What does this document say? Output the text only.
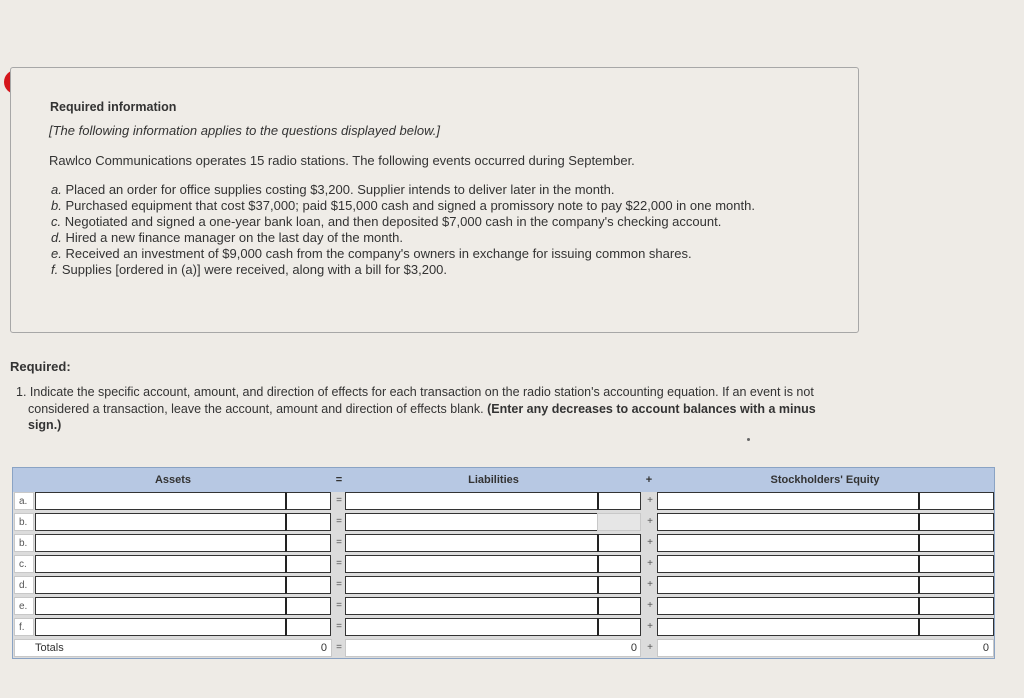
Required information
[The following information applies to the questions displayed below.]
Rawlco Communications operates 15 radio stations. The following events occurred during September.
a. Placed an order for office supplies costing $3,200. Supplier intends to deliver later in the month.
b. Purchased equipment that cost $37,000; paid $15,000 cash and signed a promissory note to pay $22,000 in one month.
c. Negotiated and signed a one-year bank loan, and then deposited $7,000 cash in the company's checking account.
d. Hired a new finance manager on the last day of the month.
e. Received an investment of $9,000 cash from the company's owners in exchange for issuing common shares.
f. Supplies [ordered in (a)] were received, along with a bill for $3,200.
Required:
1. Indicate the specific account, amount, and direction of effects for each transaction on the radio station's accounting equation. If an event is not considered a transaction, leave the account, amount and direction of effects blank. (Enter any decreases to account balances with a minus sign.)
Assets	=	Liabilities	+	Stockholders' Equity
a.	=	+
b.	=	+
b.	=	+
c.	=	+
d.	=	+
e.	=	+
f.	=	+
Totals	0 =	0	+	0
